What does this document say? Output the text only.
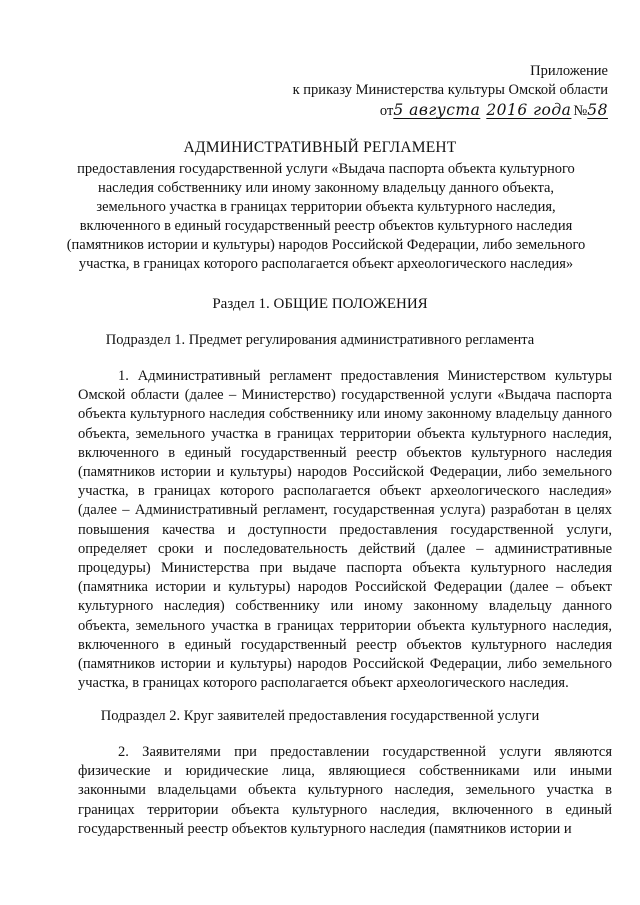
Приложение
к приказу Министерства культуры Омской области
от5 августа 2016 года №58
АДМИНИСТРАТИВНЫЙ РЕГЛАМЕНТ
предоставления государственной услуги «Выдача паспорта объекта культурного наследия собственнику или иному законному владельцу данного объекта, земельного участка в границах территории объекта культурного наследия, включенного в единый государственный реестр объектов культурного наследия (памятников истории и культуры) народов Российской Федерации, либо земельного участка, в границах которого располагается объект археологического наследия»
Раздел 1. ОБЩИЕ ПОЛОЖЕНИЯ
Подраздел 1. Предмет регулирования административного регламента

1. Административный регламент предоставления Министерством культуры Омской области (далее – Министерство) государственной услуги «Выдача паспорта объекта культурного наследия собственнику или иному законному владельцу данного объекта, земельного участка в границах территории объекта культурного наследия, включенного в единый государственный реестр объектов культурного наследия (памятников истории и культуры) народов Российской Федерации, либо земельного участка, в границах которого располагается объект археологического наследия» (далее – Административный регламент, государственная услуга) разработан в целях повышения качества и доступности предоставления государственной услуги, определяет сроки и последовательность действий (далее – административные процедуры) Министерства при выдаче паспорта объекта культурного наследия (памятника истории и культуры) народов Российской Федерации (далее – объект культурного наследия) собственнику или иному законному владельцу данного объекта, земельного участка в границах территории объекта культурного наследия, включенного в единый государственный реестр объектов культурного наследия (памятников истории и культуры) народов Российской Федерации, либо земельного участка, в границах которого располагается объект археологического наследия.

Подраздел 2. Круг заявителей предоставления государственной услуги

2. Заявителями при предоставлении государственной услуги являются физические и юридические лица, являющиеся собственниками или иными законными владельцами объекта культурного наследия, земельного участка в границах территории объекта культурного наследия, включенного в единый государственный реестр объектов культурного наследия (памятников истории и
